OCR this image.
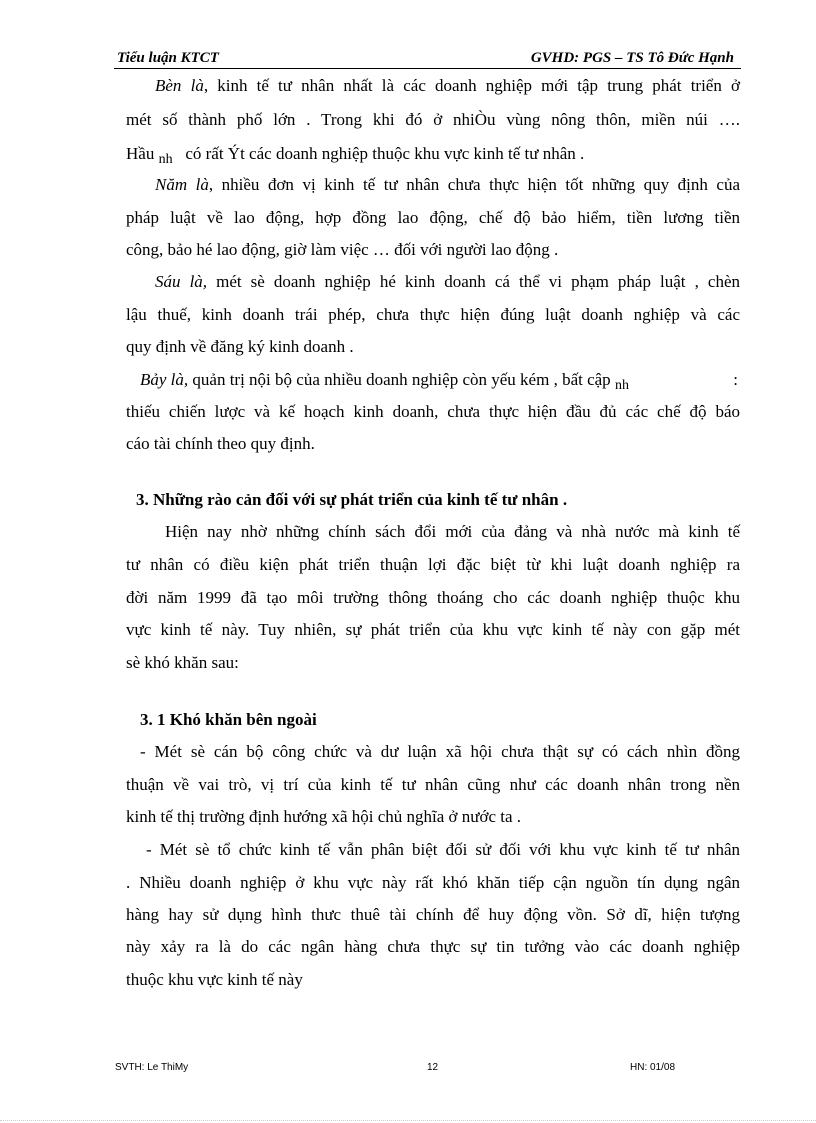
Tiểu luận KTCT	GVHD: PGS – TS Tô Đức Hạnh
Bèn là, kinh tế tư nhân nhất là các doanh nghiệp mới tập trung phát triển ở
mét số thành phố lớn . Trong khi đó ở nhiÒu vùng nông thôn, miền núi ….
Hầu $_{nh}$ có rất Ýt các doanh nghiệp thuộc khu vực kinh tế tư nhân .
Năm là, nhiều đơn vị kinh tế tư nhân chưa thực hiện tốt những quy định của
pháp luật về lao động, hợp đồng lao động, chế độ bảo hiểm, tiền lương tiền
công, bảo hé lao động, giờ làm việc … đối với người lao động .
Sáu là, mét sè doanh nghiệp hé kinh doanh cá thể vi phạm pháp luật , chèn
lậu thuế, kinh doanh trái phép, chưa thực hiện đúng luật doanh nghiệp và các
quy định về đăng ký kinh doanh .
Bảy là, quản trị nội bộ của nhiều doanh nghiệp còn yếu kém , bất cập $_{nh}$	:
thiếu chiến lược và kế hoạch kinh doanh, chưa thực hiện đầu đủ các chế độ báo
cáo tài chính theo quy định.
3. Những rào cản đối với sự phát triển của kinh tế tư nhân .
Hiện nay nhờ những chính sách đổi mới của đảng và nhà nước mà kinh tế
tư nhân có điều kiện phát triển thuận lợi đặc biệt từ khi luật doanh nghiệp ra
đời năm 1999 đã tạo môi trường thông thoáng cho các doanh nghiệp thuộc khu
vực kinh tế này. Tuy nhiên, sự phát triển của khu vực kinh tế này con gặp mét
sè khó khăn sau:
3. 1 Khó khăn bên ngoài
- Mét sè cán bộ công chức và dư luận xã hội chưa thật sự có cách nhìn đồng
thuận về vai trò, vị trí của kinh tế tư nhân cũng như các doanh nhân trong nền
kinh tế thị trường định hướng xã hội chủ nghĩa ở nước ta .
- Mét sè tổ chức kinh tế vẫn phân biệt đối sử đối với khu vực kinh tế tư nhân
. Nhiều doanh nghiệp ở khu vực này rất khó khăn tiếp cận nguồn tín dụng ngân
hàng hay sử dụng hình thưc thuê tài chính để huy động vồn. Sở dĩ, hiện tượng
này xảy ra là do các ngân hàng chưa thực sự tin tưởng vào các doanh nghiệp
thuộc khu vực kinh tế này
SVTH: Le ThiMy	12	HN: 01/08
